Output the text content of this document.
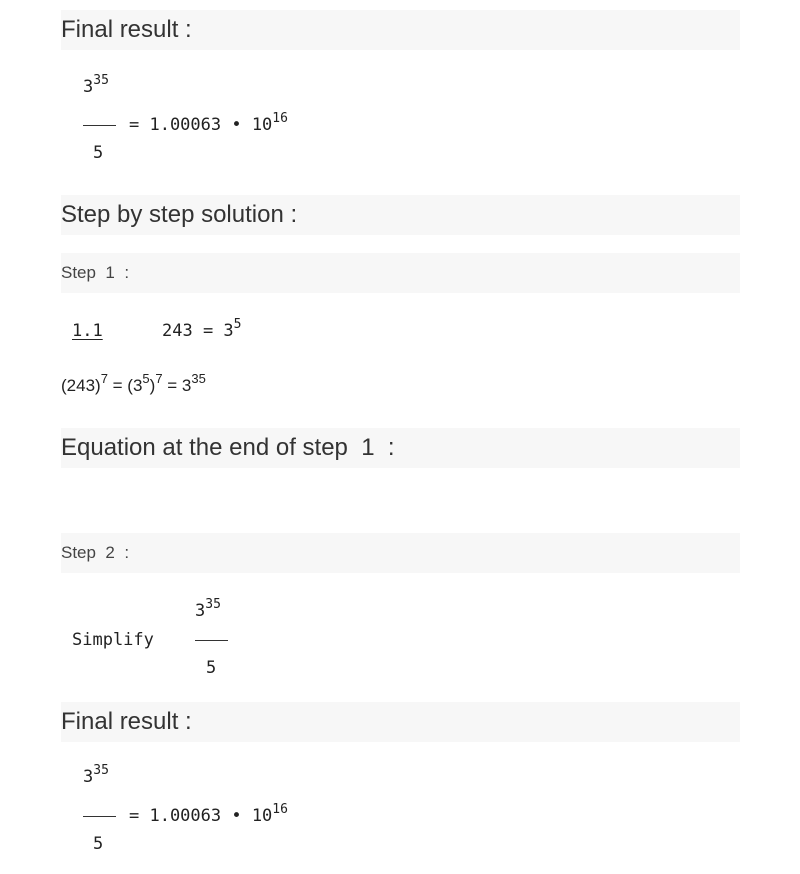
Final result :
$3^{35}$
5
= 1.00063 • $10^{16}$
Step by step solution :
Step  1  :
1.1	$243 = 3^5$
$(243)^7 = (3^5)^7 = 3^{35}$
Equation at the end of step  1  :
Step  2  :
Simplify
$3^{35}$
5
Final result :
$3^{35}$
5
= 1.00063 • $10^{16}$
